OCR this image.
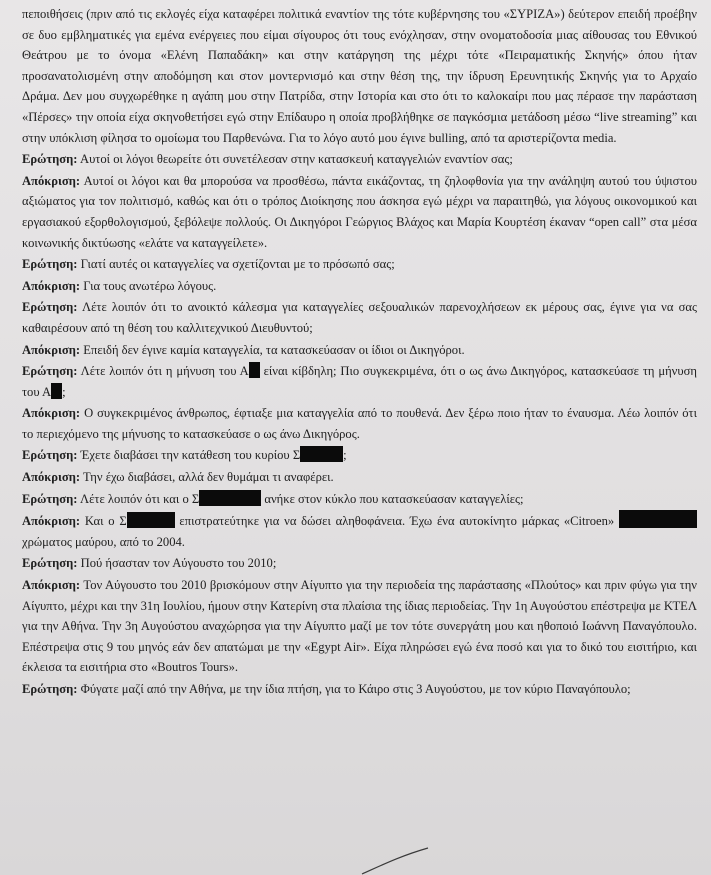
πεποιθήσεις (πριν από τις εκλογές είχα καταφέρει πολιτικά εναντίον της τότε κυβέρνησης του «ΣΥΡΙΖΑ») δεύτερον επειδή προέβην σε δυο εμβληματικές για εμένα ενέργειες που είμαι σίγουρος ότι τους ενόχλησαν, στην ονοματοδοσία μιας αίθουσας του Εθνικού Θεάτρου με το όνομα «Ελένη Παπαδάκη» και στην κατάργηση της μέχρι τότε «Πειραματικής Σκηνής» όπου ήταν προσανατολισμένη στην αποδόμηση και στον μοντερνισμό και στην θέση της, την ίδρυση Ερευνητικής Σκηνής για το Αρχαίο Δράμα. Δεν μου συγχωρέθηκε η αγάπη μου στην Πατρίδα, στην Ιστορία και στο ότι το καλοκαίρι που μας πέρασε την παράσταση «Πέρσες» την οποία είχα σκηνοθετήσει εγώ στην Επίδαυρο η οποία προβλήθηκε σε παγκόσμια μετάδοση μέσω “live streaming” και στην υπόκλιση φίλησα το ομοίωμα του Παρθενώνα. Για το λόγο αυτό μου έγινε bulling, από τα αριστερίζοντα media.

Ερώτηση: Αυτοί οι λόγοι θεωρείτε ότι συνετέλεσαν στην κατασκευή καταγγελιών εναντίον σας;

Απόκριση: Αυτοί οι λόγοι και θα μπορούσα να προσθέσω, πάντα εικάζοντας, τη ζηλοφθονία για την ανάληψη αυτού του ύψιστου αξιώματος για τον πολιτισμό, καθώς και ότι ο τρόπος Διοίκησης που άσκησα εγώ μέχρι να παραιτηθώ, για λόγους οικονομικού και εργασιακού εξορθολογισμού, ξεβόλεψε πολλούς. Οι Δικηγόροι Γεώργιος Βλάχος και Μαρία Κουρτέση έκαναν “open call” στα μέσα κοινωνικής δικτύωσης «ελάτε να καταγγείλετε».

Ερώτηση: Γιατί αυτές οι καταγγελίες να σχετίζονται με το πρόσωπό σας;

Απόκριση: Για τους ανωτέρω λόγους.

Ερώτηση: Λέτε λοιπόν ότι το ανοικτό κάλεσμα για καταγγελίες σεξουαλικών παρενοχλήσεων εκ μέρους σας, έγινε για να σας καθαιρέσουν από τη θέση του καλλιτεχνικού Διευθυντού;

Απόκριση: Επειδή δεν έγινε καμία καταγγελία, τα κατασκεύασαν οι ίδιοι οι Δικηγόροι.

Ερώτηση: Λέτε λοιπόν ότι η μήνυση του Α είναι κίβδηλη; Πιο συγκεκριμένα, ότι ο ως άνω Δικηγόρος, κατασκεύασε τη μήνυση του Α ;

Απόκριση: Ο συγκεκριμένος άνθρωπος, έφτιαξε μια καταγγελία από το πουθενά. Δεν ξέρω ποιο ήταν το έναυσμα. Λέω λοιπόν ότι το περιεχόμενο της μήνυσης το κατασκεύασε ο ως άνω Δικηγόρος.

Ερώτηση: Έχετε διαβάσει την κατάθεση του κυρίου Σ	;

Απόκριση: Την έχω διαβάσει, αλλά δεν θυμάμαι τι αναφέρει.

Ερώτηση: Λέτε λοιπόν ότι και ο Σ	ανήκε στον κύκλο που κατασκεύασαν καταγγελίες;

Απόκριση: Και ο Σ	επιστρατεύτηκε για να δώσει αληθοφάνεια. Έχω ένα αυτοκίνητο μάρκας «Citroen»  χρώματος μαύρου, από το 2004.

Ερώτηση: Πού ήσασταν τον Αύγουστο του 2010;

Απόκριση: Τον Αύγουστο του 2010 βρισκόμουν στην Αίγυπτο για την περιοδεία της παράστασης «Πλούτος» και πριν φύγω για την Αίγυπτο, μέχρι και την 31η Ιουλίου, ήμουν στην Κατερίνη στα πλαίσια της ίδιας περιοδείας. Την 1η Αυγούστου επέστρεψα με ΚΤΕΛ για την Αθήνα. Την 3η Αυγούστου αναχώρησα για την Αίγυπτο μαζί με τον τότε συνεργάτη μου και ηθοποιό Ιωάννη Παναγόπουλο. Επέστρεψα στις 9 του μηνός εάν δεν απατώμαι με την «Egypt Air». Είχα πληρώσει εγώ ένα ποσό και για το δικό του εισιτήριο, και έκλεισα τα εισιτήρια στο «Boutros Tours».

Ερώτηση: Φύγατε μαζί από την Αθήνα, με την ίδια πτήση, για το Κάιρο στις 3 Αυγούστου, με τον κύριο Παναγόπουλο;
